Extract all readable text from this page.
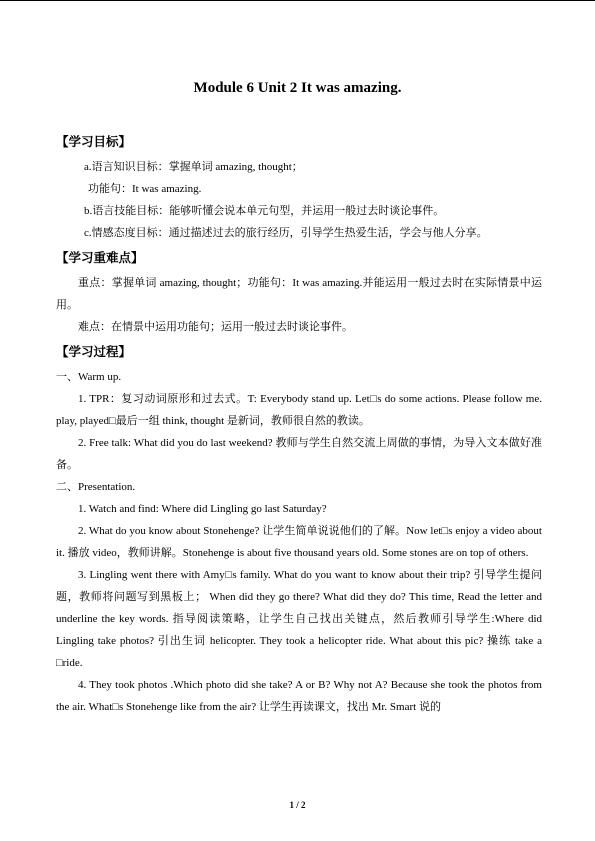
Module 6 Unit 2 It was amazing.
【学习目标】

a.语言知识目标：掌握单词 amazing, thought；

功能句：It was amazing.

b.语言技能目标：能够听懂会说本单元句型，并运用一般过去时谈论事件。

c.情感态度目标：通过描述过去的旅行经历，引导学生热爱生活，学会与他人分享。

【学习重难点】

重点：掌握单词 amazing, thought；功能句：It was amazing.并能运用一般过去时在实际情景中运用。

难点：在情景中运用功能句；运用一般过去时谈论事件。

【学习过程】

一、Warm up.

1. TPR：复习动词原形和过去式。T: Everybody stand up. Let□s do some actions. Please follow me. play, played□最后一组 think, thought 是新词，教师很自然的教读。

2. Free talk: What did you do last weekend? 教师与学生自然交流上周做的事情，为导入文本做好准备。

二、Presentation.

1. Watch and find: Where did Lingling go last Saturday?

2. What do you know about Stonehenge? 让学生简单说说他们的了解。Now let□s enjoy a video about it. 播放 video，教师讲解。Stonehenge is about five thousand years old. Some stones are on top of others.

3. Lingling went there with Amy□s family. What do you want to know about their trip? 引导学生提问题，教师将问题写到黑板上； When did they go there? What did they do? This time, Read the letter and underline the key words. 指导阅读策略，让学生自己找出关键点，然后教师引导学生:Where did Lingling take photos? 引出生词 helicopter. They took a helicopter ride. What about this pic? 操练 take a □ride.

4. They took photos .Which photo did she take? A or B? Why not A? Because she took the photos from the air. What□s Stonehenge like from the air? 让学生再读课文，找出 Mr. Smart 说的

1 / 2
